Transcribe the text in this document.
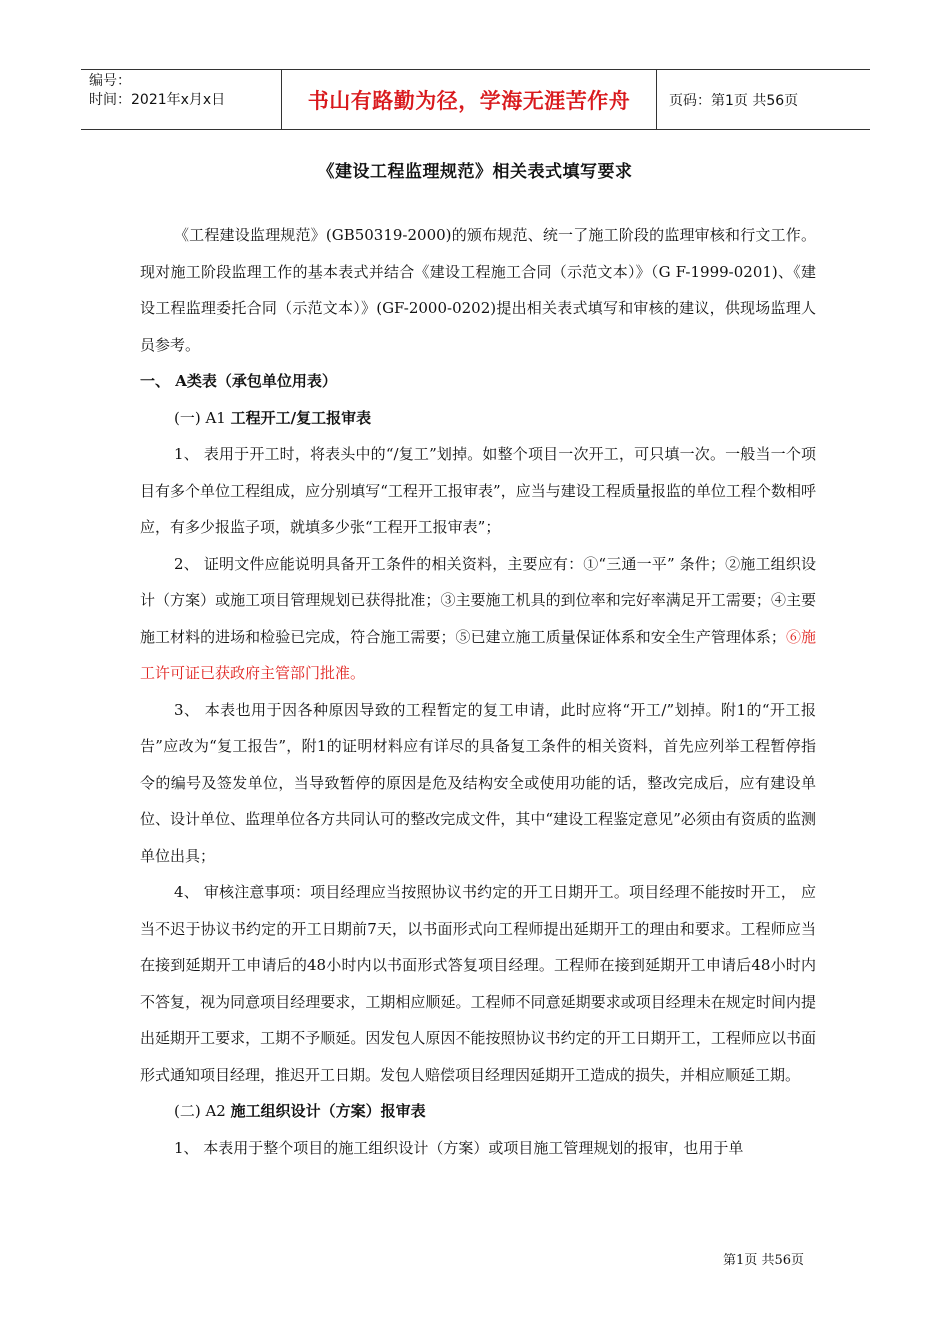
编号：
时间：2021年x月x日	书山有路勤为径，学海无涯苦作舟	页码：第1页 共56页
《建设工程监理规范》相关表式填写要求

《工程建设监理规范》(GB50319-2000)的颁布规范、统一了施工阶段的监理审核和行文工作。现对施工阶段监理工作的基本表式并结合《建设工程施工合同（示范文本）》（G F-1999-0201)、《建设工程监理委托合同（示范文本）》(GF-2000-0202)提出相关表式填写和审核的建议，供现场监理人员参考。

一、 A类表（承包单位用表）

(一) A1 工程开工/复工报审表

1、 表用于开工时，将表头中的“/复工”划掉。如整个项目一次开工，可只填一次。一般当一个项目有多个单位工程组成，应分别填写“工程开工报审表”，应当与建设工程质量报监的单位工程个数相呼应，有多少报监子项，就填多少张“工程开工报审表”；

2、 证明文件应能说明具备开工条件的相关资料，主要应有：①“三通一平” 条件；②施工组织设计（方案）或施工项目管理规划已获得批准；③主要施工机具的到位率和完好率满足开工需要；④主要施工材料的进场和检验已完成，符合施工需要；⑤已建立施工质量保证体系和安全生产管理体系；⑥施工许可证已获政府主管部门批准。

3、 本表也用于因各种原因导致的工程暂定的复工申请，此时应将“开工/”划掉。附1的“开工报告”应改为“复工报告”，附1的证明材料应有详尽的具备复工条件的相关资料，首先应列举工程暂停指令的编号及签发单位，当导致暂停的原因是危及结构安全或使用功能的话，整改完成后，应有建设单位、设计单位、监理单位各方共同认可的整改完成文件，其中“建设工程鉴定意见”必须由有资质的监测单位出具；

4、 审核注意事项：项目经理应当按照协议书约定的开工日期开工。项目经理不能按时开工， 应当不迟于协议书约定的开工日期前7天，以书面形式向工程师提出延期开工的理由和要求。工程师应当在接到延期开工申请后的48小时内以书面形式答复项目经理。工程师在接到延期开工申请后48小时内不答复，视为同意项目经理要求，工期相应顺延。工程师不同意延期要求或项目经理未在规定时间内提出延期开工要求，工期不予顺延。因发包人原因不能按照协议书约定的开工日期开工，工程师应以书面形式通知项目经理，推迟开工日期。发包人赔偿项目经理因延期开工造成的损失，并相应顺延工期。

(二) A2 施工组织设计（方案）报审表

1、 本表用于整个项目的施工组织设计（方案）或项目施工管理规划的报审，也用于单

第1页 共56页
